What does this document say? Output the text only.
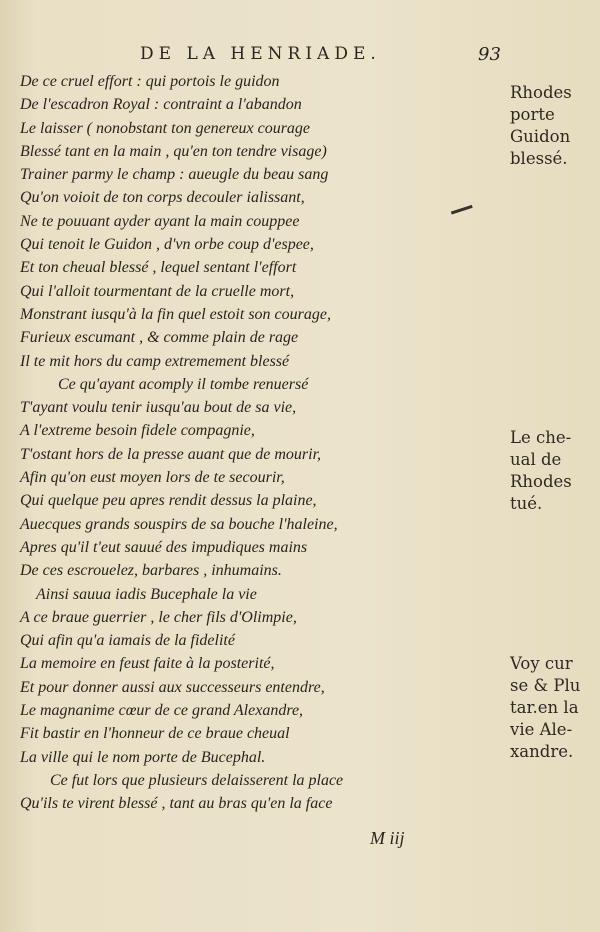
DE LA HENRIADE.	93
De ce cruel effort : qui portois le guidon
De l'escadron Royal : contraint a l'abandon
Le laisser ( nonobstant ton genereux courage
Blessé tant en la main , qu'en ton tendre visage)
Trainer parmy le champ : aueugle du beau sang
Qu'on voioit de ton corps decouler ialissant,
Ne te pouuant ayder ayant la main couppee
Qui tenoit le Guidon , d'vn orbe coup d'espee,
Et ton cheual blessé , lequel sentant l'effort
Qui l'alloit tourmentant de la cruelle mort,
Monstrant iusqu'à la fin quel estoit son courage,
Furieux escumant , & comme plain de rage
Il te mit hors du camp extremement blessé
Ce qu'ayant acomply il tombe renuersé
T'ayant voulu tenir iusqu'au bout de sa vie,
A l'extreme besoin fidele compagnie,
T'ostant hors de la presse auant que de mourir,
Afin qu'on eust moyen lors de te secourir,
Qui quelque peu apres rendit dessus la plaine,
Auecques grands souspirs de sa bouche l'haleine,
Apres qu'il t'eut sauué des impudiques mains
De ces escrouelez, barbares , inhumains.
Ainsi sauua iadis Bucephale la vie
A ce braue guerrier , le cher fils d'Olimpie,
Qui afin qu'a iamais de la fidelité
La memoire en feust faite à la posterité,
Et pour donner aussi aux successeurs entendre,
Le magnanime cœur de ce grand Alexandre,
Fit bastir en l'honneur de ce braue cheual
La ville qui le nom porte de Bucephal.
Ce fut lors que plusieurs delaisserent la place
Qu'ils te virent blessé , tant au bras qu'en la face
Rhodes
porte
Guidon
blessé.
Le che-
ual de
Rhodes
tué.
Voy cur
se & Plu
tar.en la
vie Ale-
xandre.
M iij
